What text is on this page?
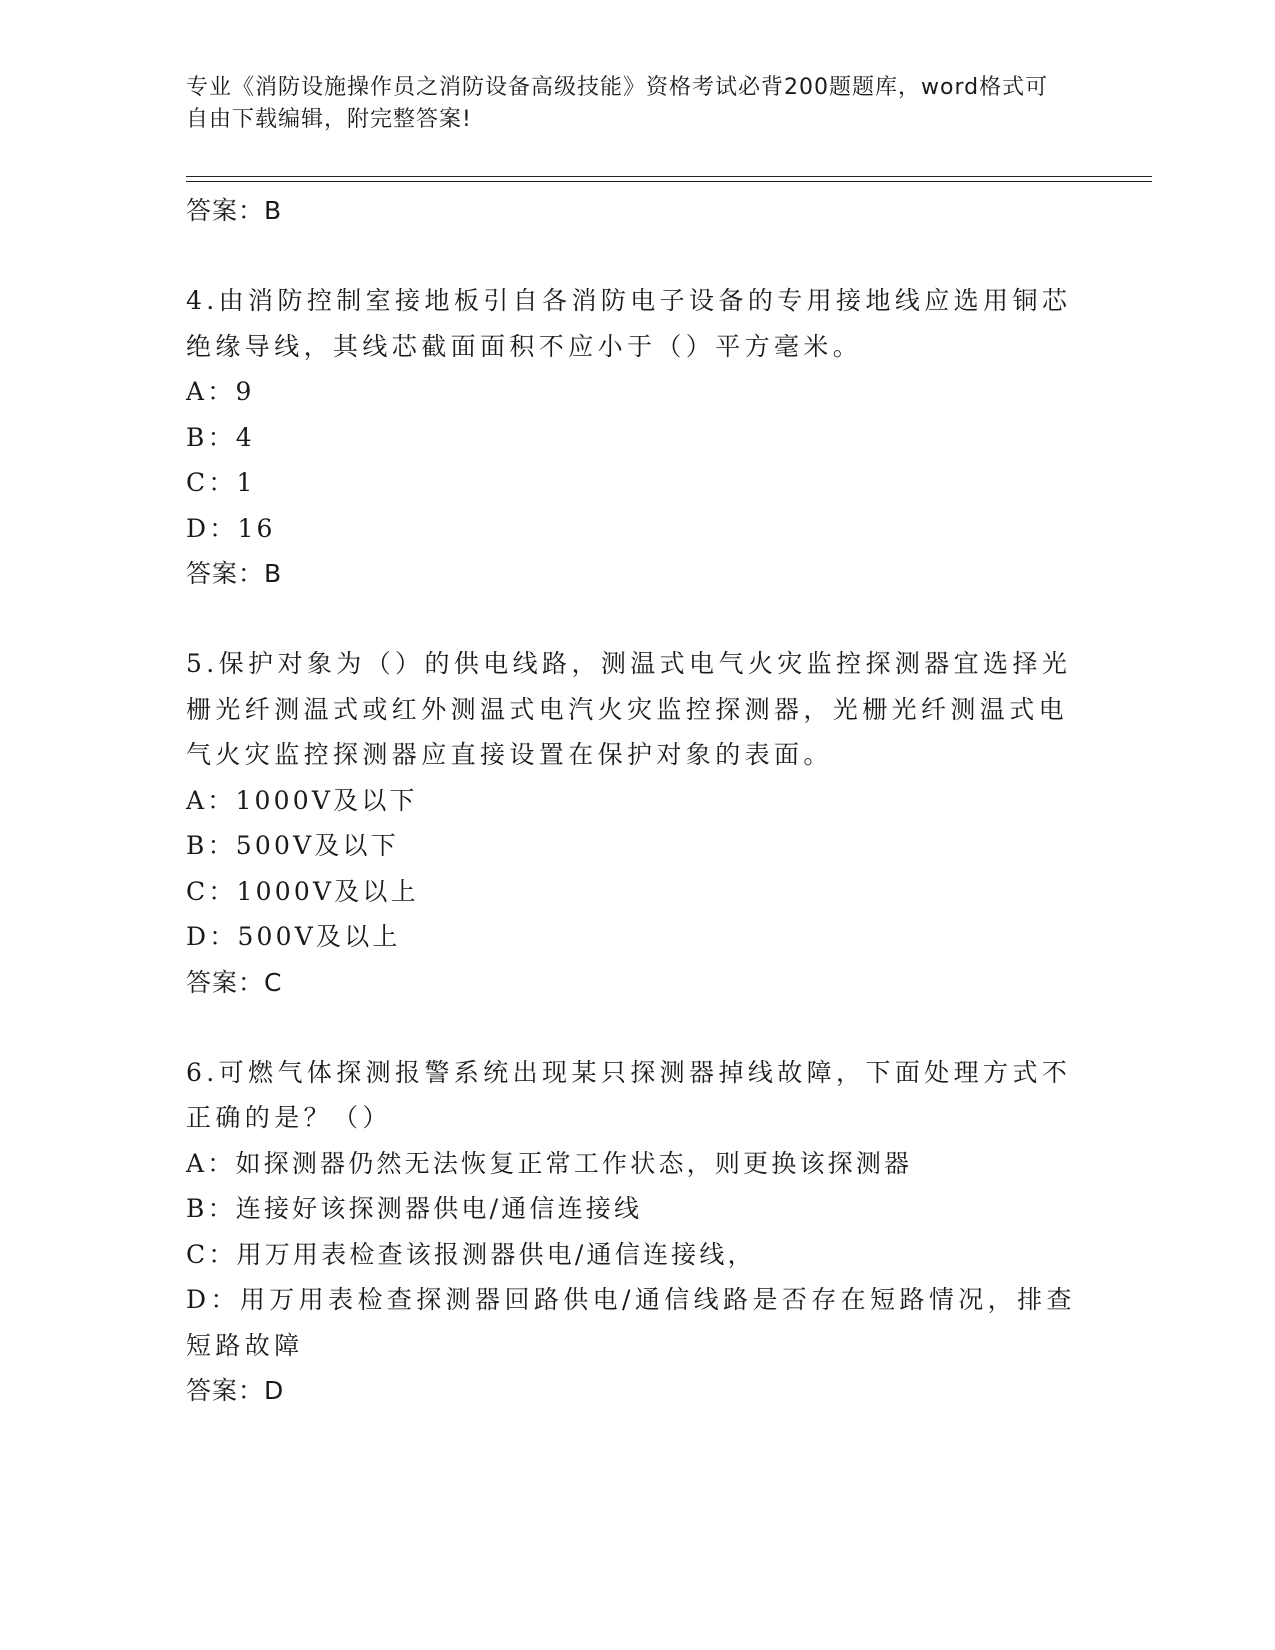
专业《消防设施操作员之消防设备高级技能》资格考试必背200题题库，word格式可自由下载编辑，附完整答案!
答案：B

4.由消防控制室接地板引自各消防电子设备的专用接地线应选用铜芯绝缘导线，其线芯截面面积不应小于（）平方毫米。

A：9
B：4
C：1
D：16
答案：B

5.保护对象为（）的供电线路，测温式电气火灾监控探测器宜选择光栅光纤测温式或红外测温式电汽火灾监控探测器，光栅光纤测温式电气火灾监控探测器应直接设置在保护对象的表面。

A：1000V及以下
B：500V及以下
C：1000V及以上
D：500V及以上
答案：C

6.可燃气体探测报警系统出现某只探测器掉线故障，下面处理方式不正确的是？（）

A：如探测器仍然无法恢复正常工作状态，则更换该探测器
B：连接好该探测器供电/通信连接线
C：用万用表检查该报测器供电/通信连接线，
D：用万用表检查探测器回路供电/通信线路是否存在短路情况，排查短路故障
答案：D
